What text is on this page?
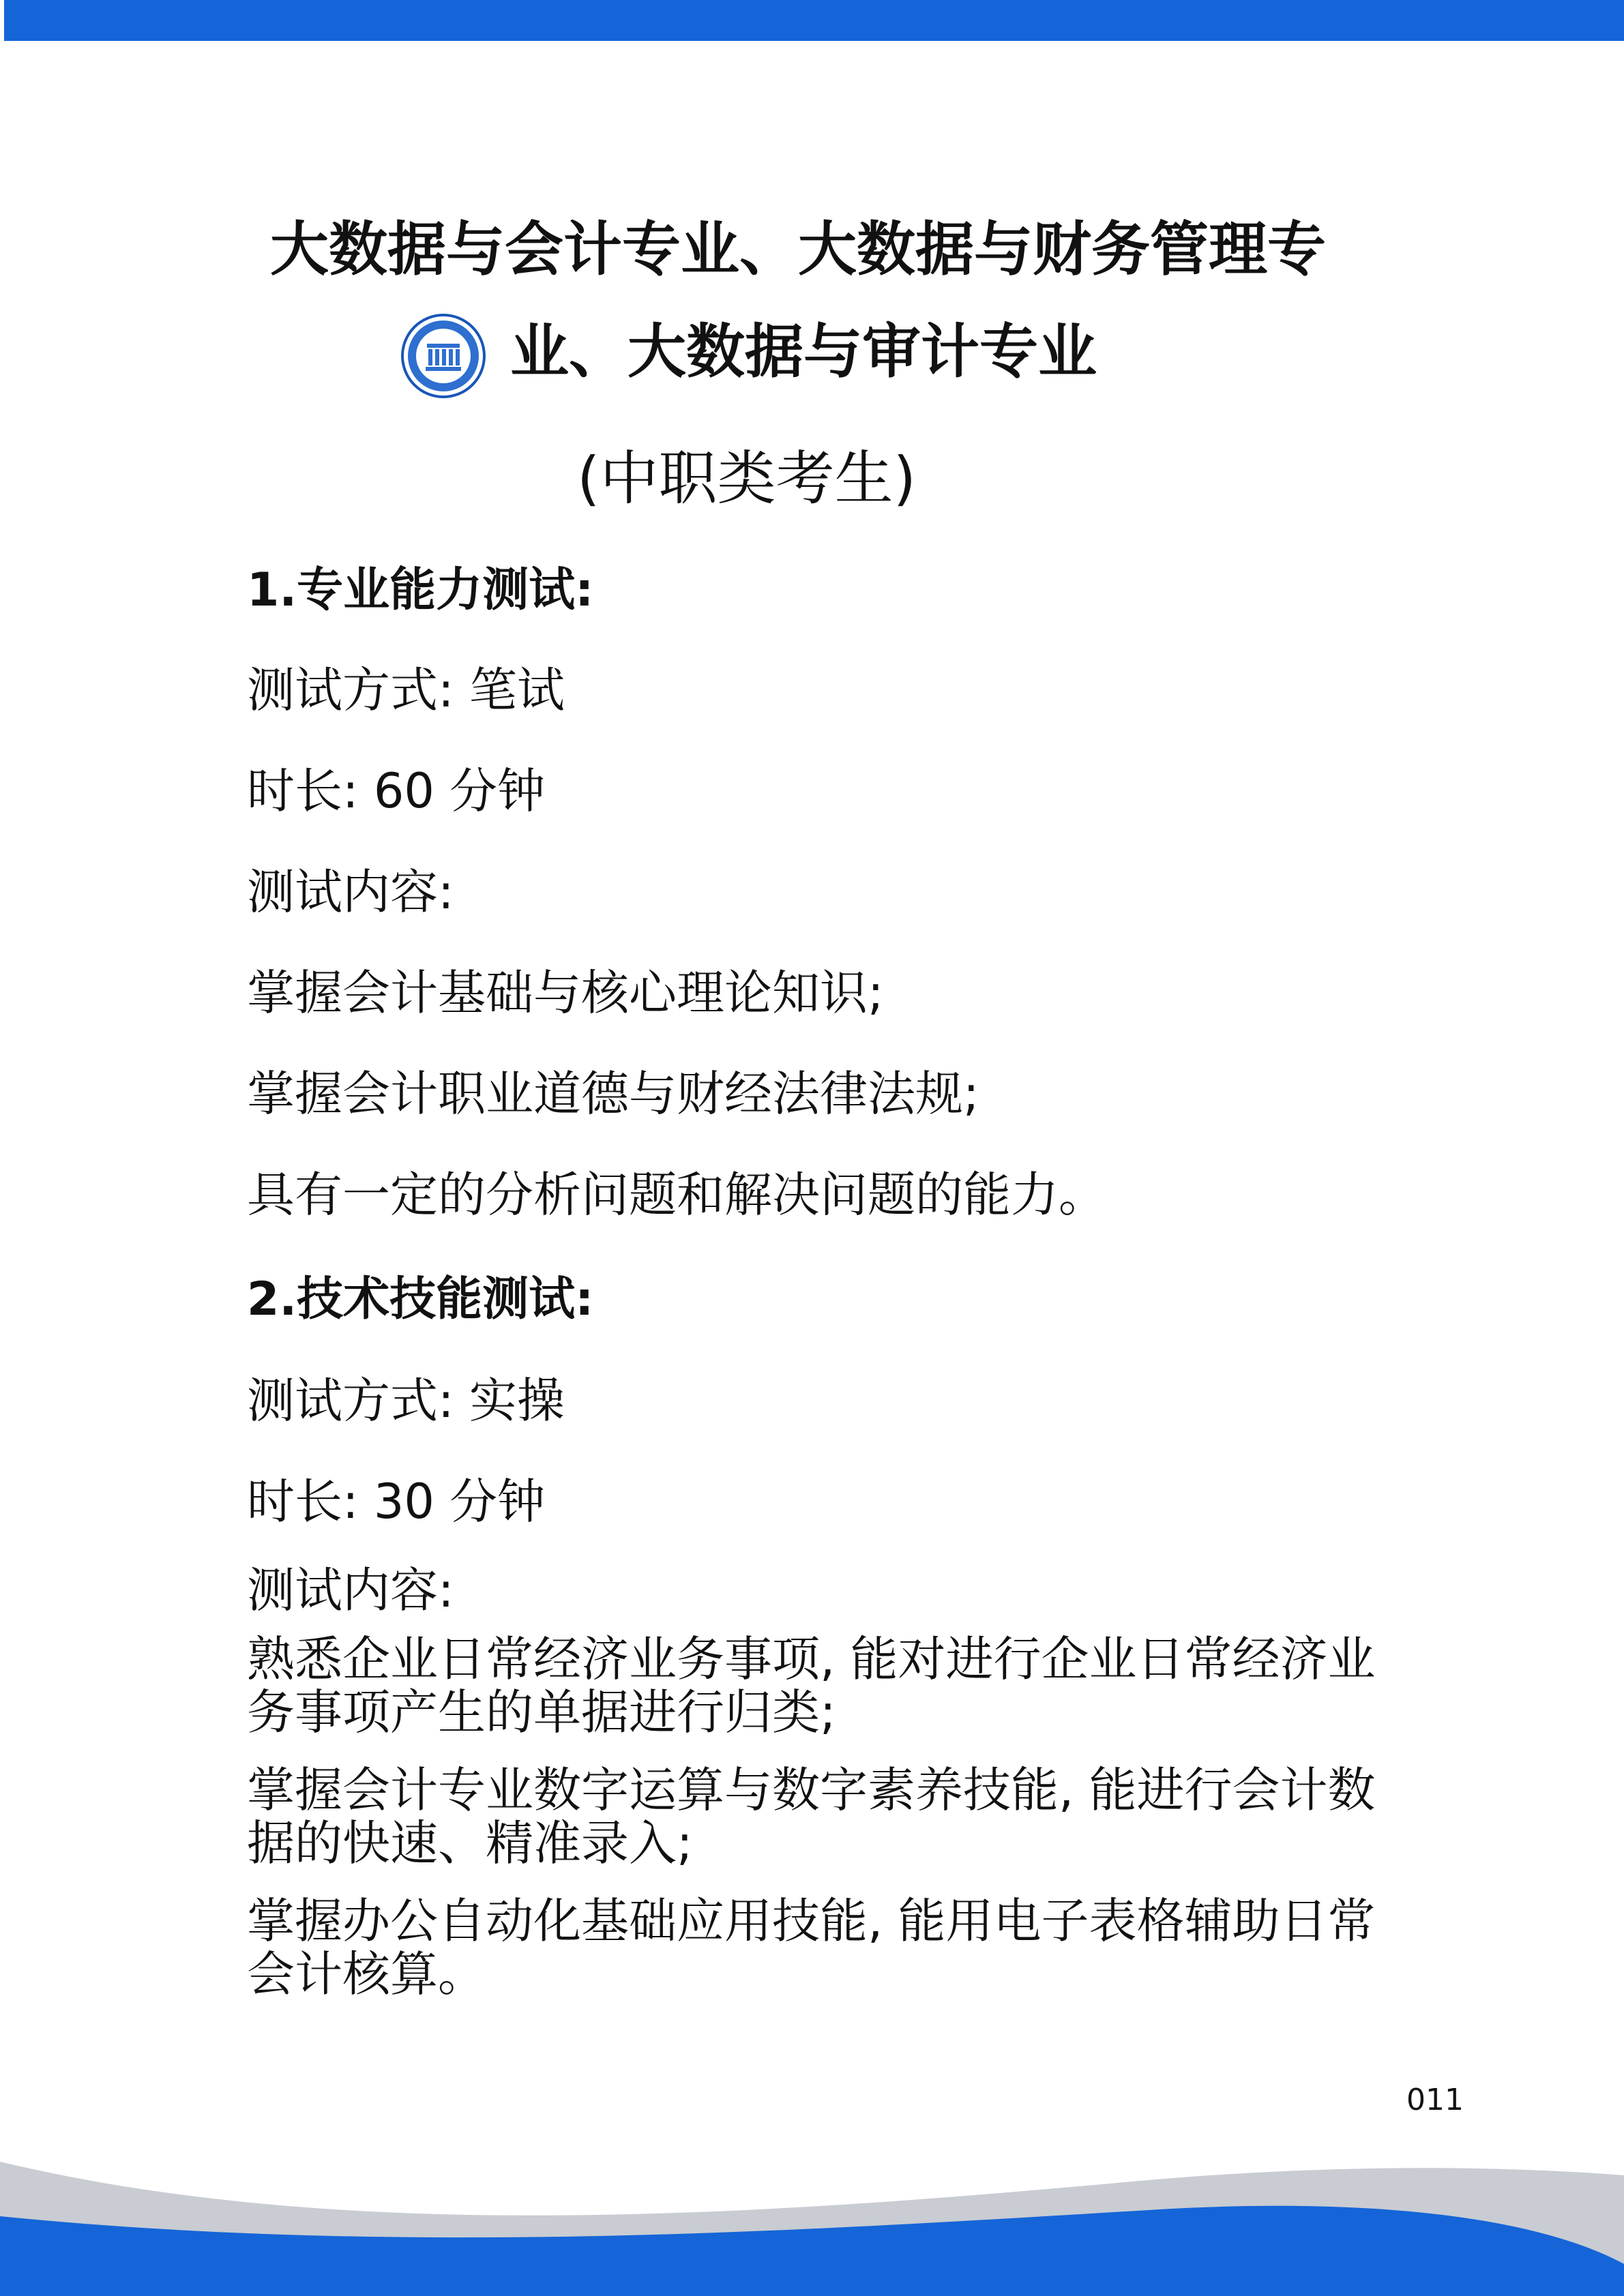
大数据与会计专业、大数据与财务管理专
业、大数据与审计专业
(中职类考生)
1.专业能力测试:
测试方式: 笔试
时长: 60 分钟
测试内容:
掌握会计基础与核心理论知识;
掌握会计职业道德与财经法律法规;
具有一定的分析问题和解决问题的能力。
2.技术技能测试:
测试方式: 实操
时长: 30 分钟
测试内容:
熟悉企业日常经济业务事项, 能对进行企业日常经济业务事项产生的单据进行归类;
掌握会计专业数字运算与数字素养技能, 能进行会计数据的快速、精准录入;
掌握办公自动化基础应用技能, 能用电子表格辅助日常会计核算。
011
